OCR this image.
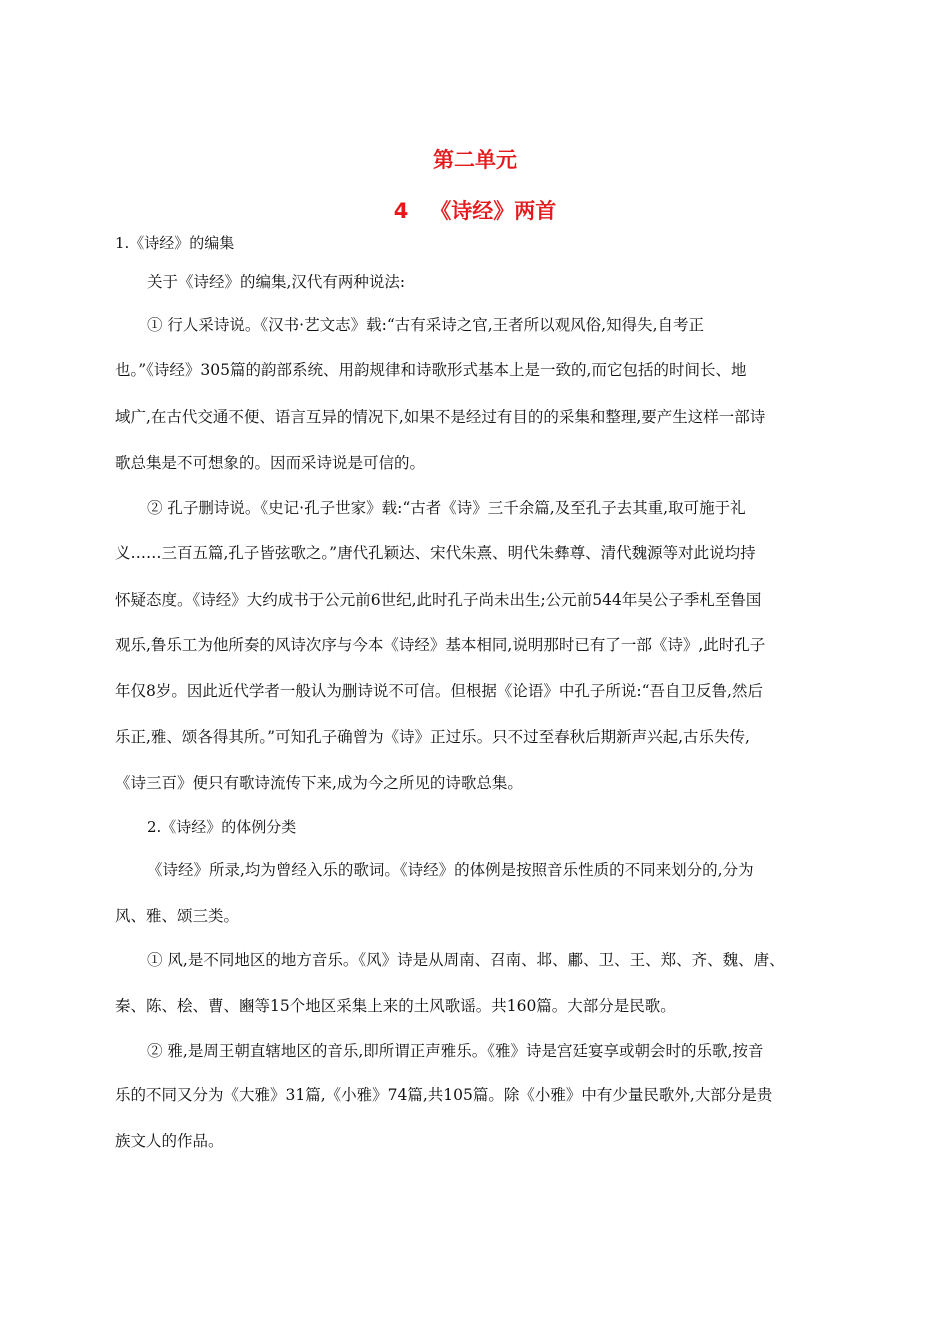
第二单元
4   《诗经》两首
1.《诗经》的编集
关于《诗经》的编集,汉代有两种说法:
① 行人采诗说。《汉书·艺文志》载:“古有采诗之官,王者所以观风俗,知得失,自考正
也。”《诗经》305篇的韵部系统、用韵规律和诗歌形式基本上是一致的,而它包括的时间长、地
域广,在古代交通不便、语言互异的情况下,如果不是经过有目的的采集和整理,要产生这样一部诗
歌总集是不可想象的。因而采诗说是可信的。
② 孔子删诗说。《史记·孔子世家》载:“古者《诗》三千余篇,及至孔子去其重,取可施于礼
义……三百五篇,孔子皆弦歌之。”唐代孔颖达、宋代朱熹、明代朱彝尊、清代魏源等对此说均持
怀疑态度。《诗经》大约成书于公元前6世纪,此时孔子尚未出生;公元前544年吴公子季札至鲁国
观乐,鲁乐工为他所奏的风诗次序与今本《诗经》基本相同,说明那时已有了一部《诗》,此时孔子
年仅8岁。因此近代学者一般认为删诗说不可信。但根据《论语》中孔子所说:“吾自卫反鲁,然后
乐正,雅、颂各得其所。”可知孔子确曾为《诗》正过乐。只不过至春秋后期新声兴起,古乐失传,
《诗三百》便只有歌诗流传下来,成为今之所见的诗歌总集。
2.《诗经》的体例分类
《诗经》所录,均为曾经入乐的歌词。《诗经》的体例是按照音乐性质的不同来划分的,分为
风、雅、颂三类。
① 风,是不同地区的地方音乐。《风》诗是从周南、召南、邶、鄘、卫、王、郑、齐、魏、唐、
秦、陈、桧、曹、豳等15个地区采集上来的土风歌谣。共160篇。大部分是民歌。
② 雅,是周王朝直辖地区的音乐,即所谓正声雅乐。《雅》诗是宫廷宴享或朝会时的乐歌,按音
乐的不同又分为《大雅》31篇,《小雅》74篇,共105篇。除《小雅》中有少量民歌外,大部分是贵
族文人的作品。
